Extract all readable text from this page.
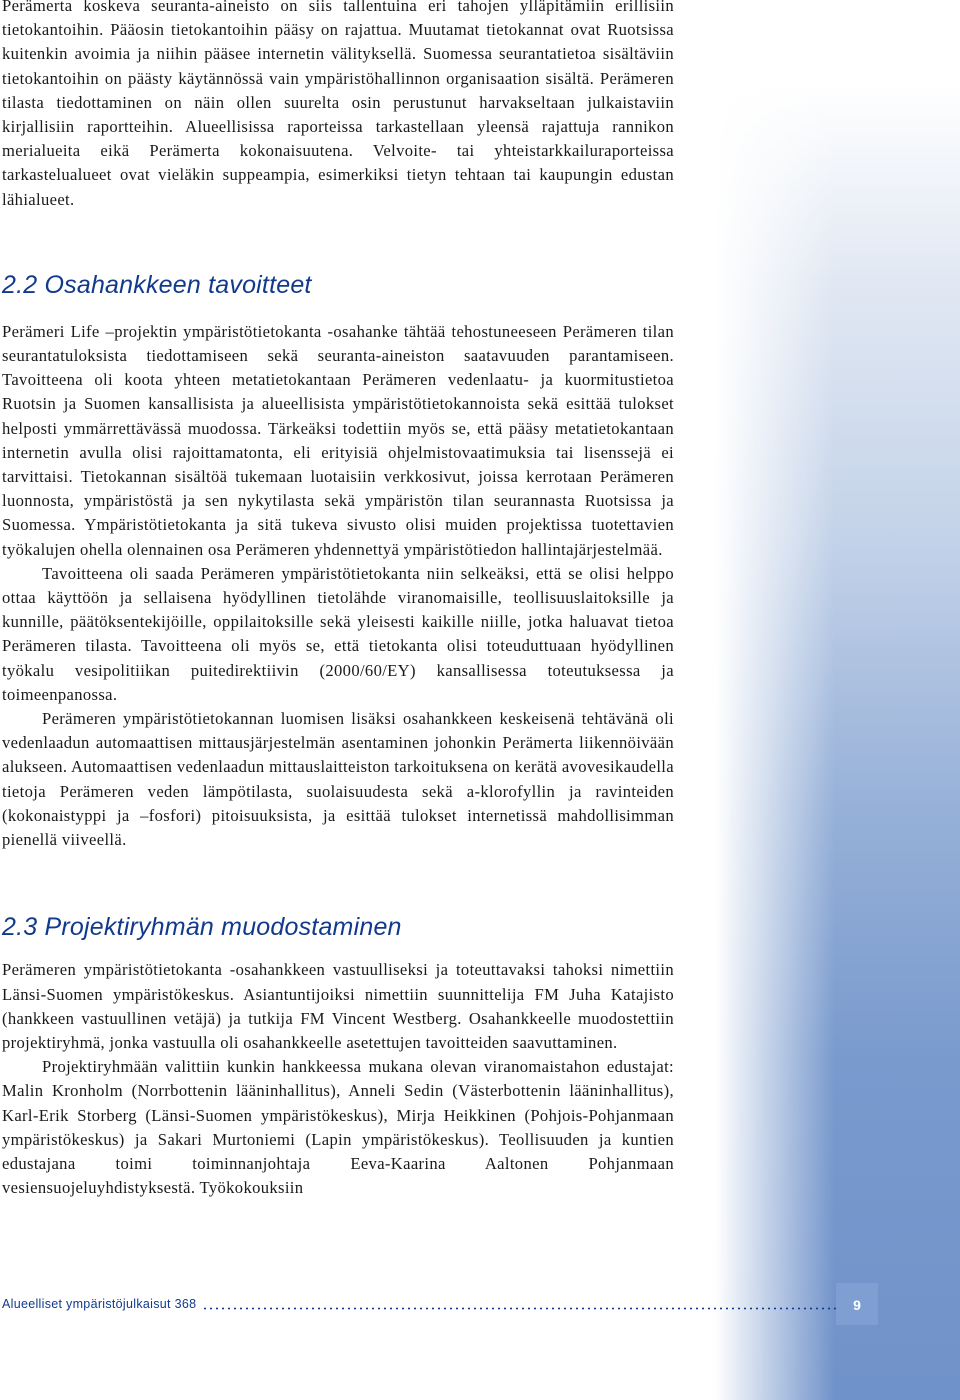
Perämerta koskeva seuranta-aineisto on siis tallentuina eri tahojen ylläpitämiin erillisiin tietokantoihin. Pääosin tietokantoihin pääsy on rajattua. Muutamat tietokannat ovat Ruotsissa kuitenkin avoimia ja niihin pääsee internetin välityksellä. Suomessa seurantatietoa sisältäviin tietokantoihin on päästy käytännössä vain ympäristöhallinnon organisaation sisältä. Perämeren tilasta tiedottaminen on näin ollen suurelta osin perustunut harvakseltaan julkaistaviin kirjallisiin raportteihin. Alueellisissa raporteissa tarkastellaan yleensä rajattuja rannikon merialueita eikä Perämerta kokonaisuutena. Velvoite- tai yhteistarkkailuraporteissa tarkastelualueet ovat vieläkin suppeampia, esimerkiksi tietyn tehtaan tai kaupungin edustan lähialueet.

2.2 Osahankkeen tavoitteet

Perämeri Life –projektin ympäristötietokanta -osahanke tähtää tehostuneeseen Perämeren tilan seurantatuloksista tiedottamiseen sekä seuranta-aineiston saatavuuden parantamiseen. Tavoitteena oli koota yhteen metatietokantaan Perämeren vedenlaatu- ja kuormitustietoa Ruotsin ja Suomen kansallisista ja alueellisista ympäristötietokannoista sekä esittää tulokset helposti ymmärrettävässä muodossa. Tärkeäksi todettiin myös se, että pääsy metatietokantaan internetin avulla olisi rajoittamatonta, eli erityisiä ohjelmistovaatimuksia tai lisenssejä ei tarvittaisi. Tietokannan sisältöä tukemaan luotaisiin verkkosivut, joissa kerrotaan Perämeren luonnosta, ympäristöstä ja sen nykytilasta sekä ympäristön tilan seurannasta Ruotsissa ja Suomessa. Ympäristötietokanta ja sitä tukeva sivusto olisi muiden projektissa tuotettavien työkalujen ohella olennainen osa Perämeren yhdennettyä ympäristötiedon hallintajärjestelmää.

Tavoitteena oli saada Perämeren ympäristötietokanta niin selkeäksi, että se olisi helppo ottaa käyttöön ja sellaisena hyödyllinen tietolähde viranomaisille, teollisuuslaitoksille ja kunnille, päätöksentekijöille, oppilaitoksille sekä yleisesti kaikille niille, jotka haluavat tietoa Perämeren tilasta. Tavoitteena oli myös se, että tietokanta olisi toteuduttuaan hyödyllinen työkalu vesipolitiikan puitedirektiivin (2000/60/EY) kansallisessa toteutuksessa ja toimeenpanossa.

Perämeren ympäristötietokannan luomisen lisäksi osahankkeen keskeisenä tehtävänä oli vedenlaadun automaattisen mittausjärjestelmän asentaminen johonkin Perämerta liikennöivään alukseen. Automaattisen vedenlaadun mittauslaitteiston tarkoituksena on kerätä avovesikaudella tietoja Perämeren veden lämpötilasta, suolaisuudesta sekä a-klorofyllin ja ravinteiden (kokonaistyppi ja –fosfori) pitoisuuksista, ja esittää tulokset internetissä mahdollisimman pienellä viiveellä.

2.3 Projektiryhmän muodostaminen

Perämeren ympäristötietokanta -osahankkeen vastuulliseksi ja toteuttavaksi tahoksi nimettiin Länsi-Suomen ympäristökeskus. Asiantuntijoiksi nimettiin suunnittelija FM Juha Katajisto (hankkeen vastuullinen vetäjä) ja tutkija FM Vincent Westberg. Osahankkeelle muodostettiin projektiryhmä, jonka vastuulla oli osahankkeelle asetettujen tavoitteiden saavuttaminen.

Projektiryhmään valittiin kunkin hankkeessa mukana olevan viranomaistahon edustajat: Malin Kronholm (Norrbottenin lääninhallitus), Anneli Sedin (Västerbottenin lääninhallitus), Karl-Erik Storberg (Länsi-Suomen ympäristökeskus), Mirja Heikkinen (Pohjois-Pohjanmaan ympäristökeskus) ja Sakari Murtoniemi (Lapin ympäristökeskus). Teollisuuden ja kuntien edustajana toimi toiminnanjohtaja Eeva-Kaarina Aaltonen Pohjanmaan vesiensuojeluyhdistyksestä. Työkokouksiin

Alueelliset ympäristöjulkaisut 368	9
